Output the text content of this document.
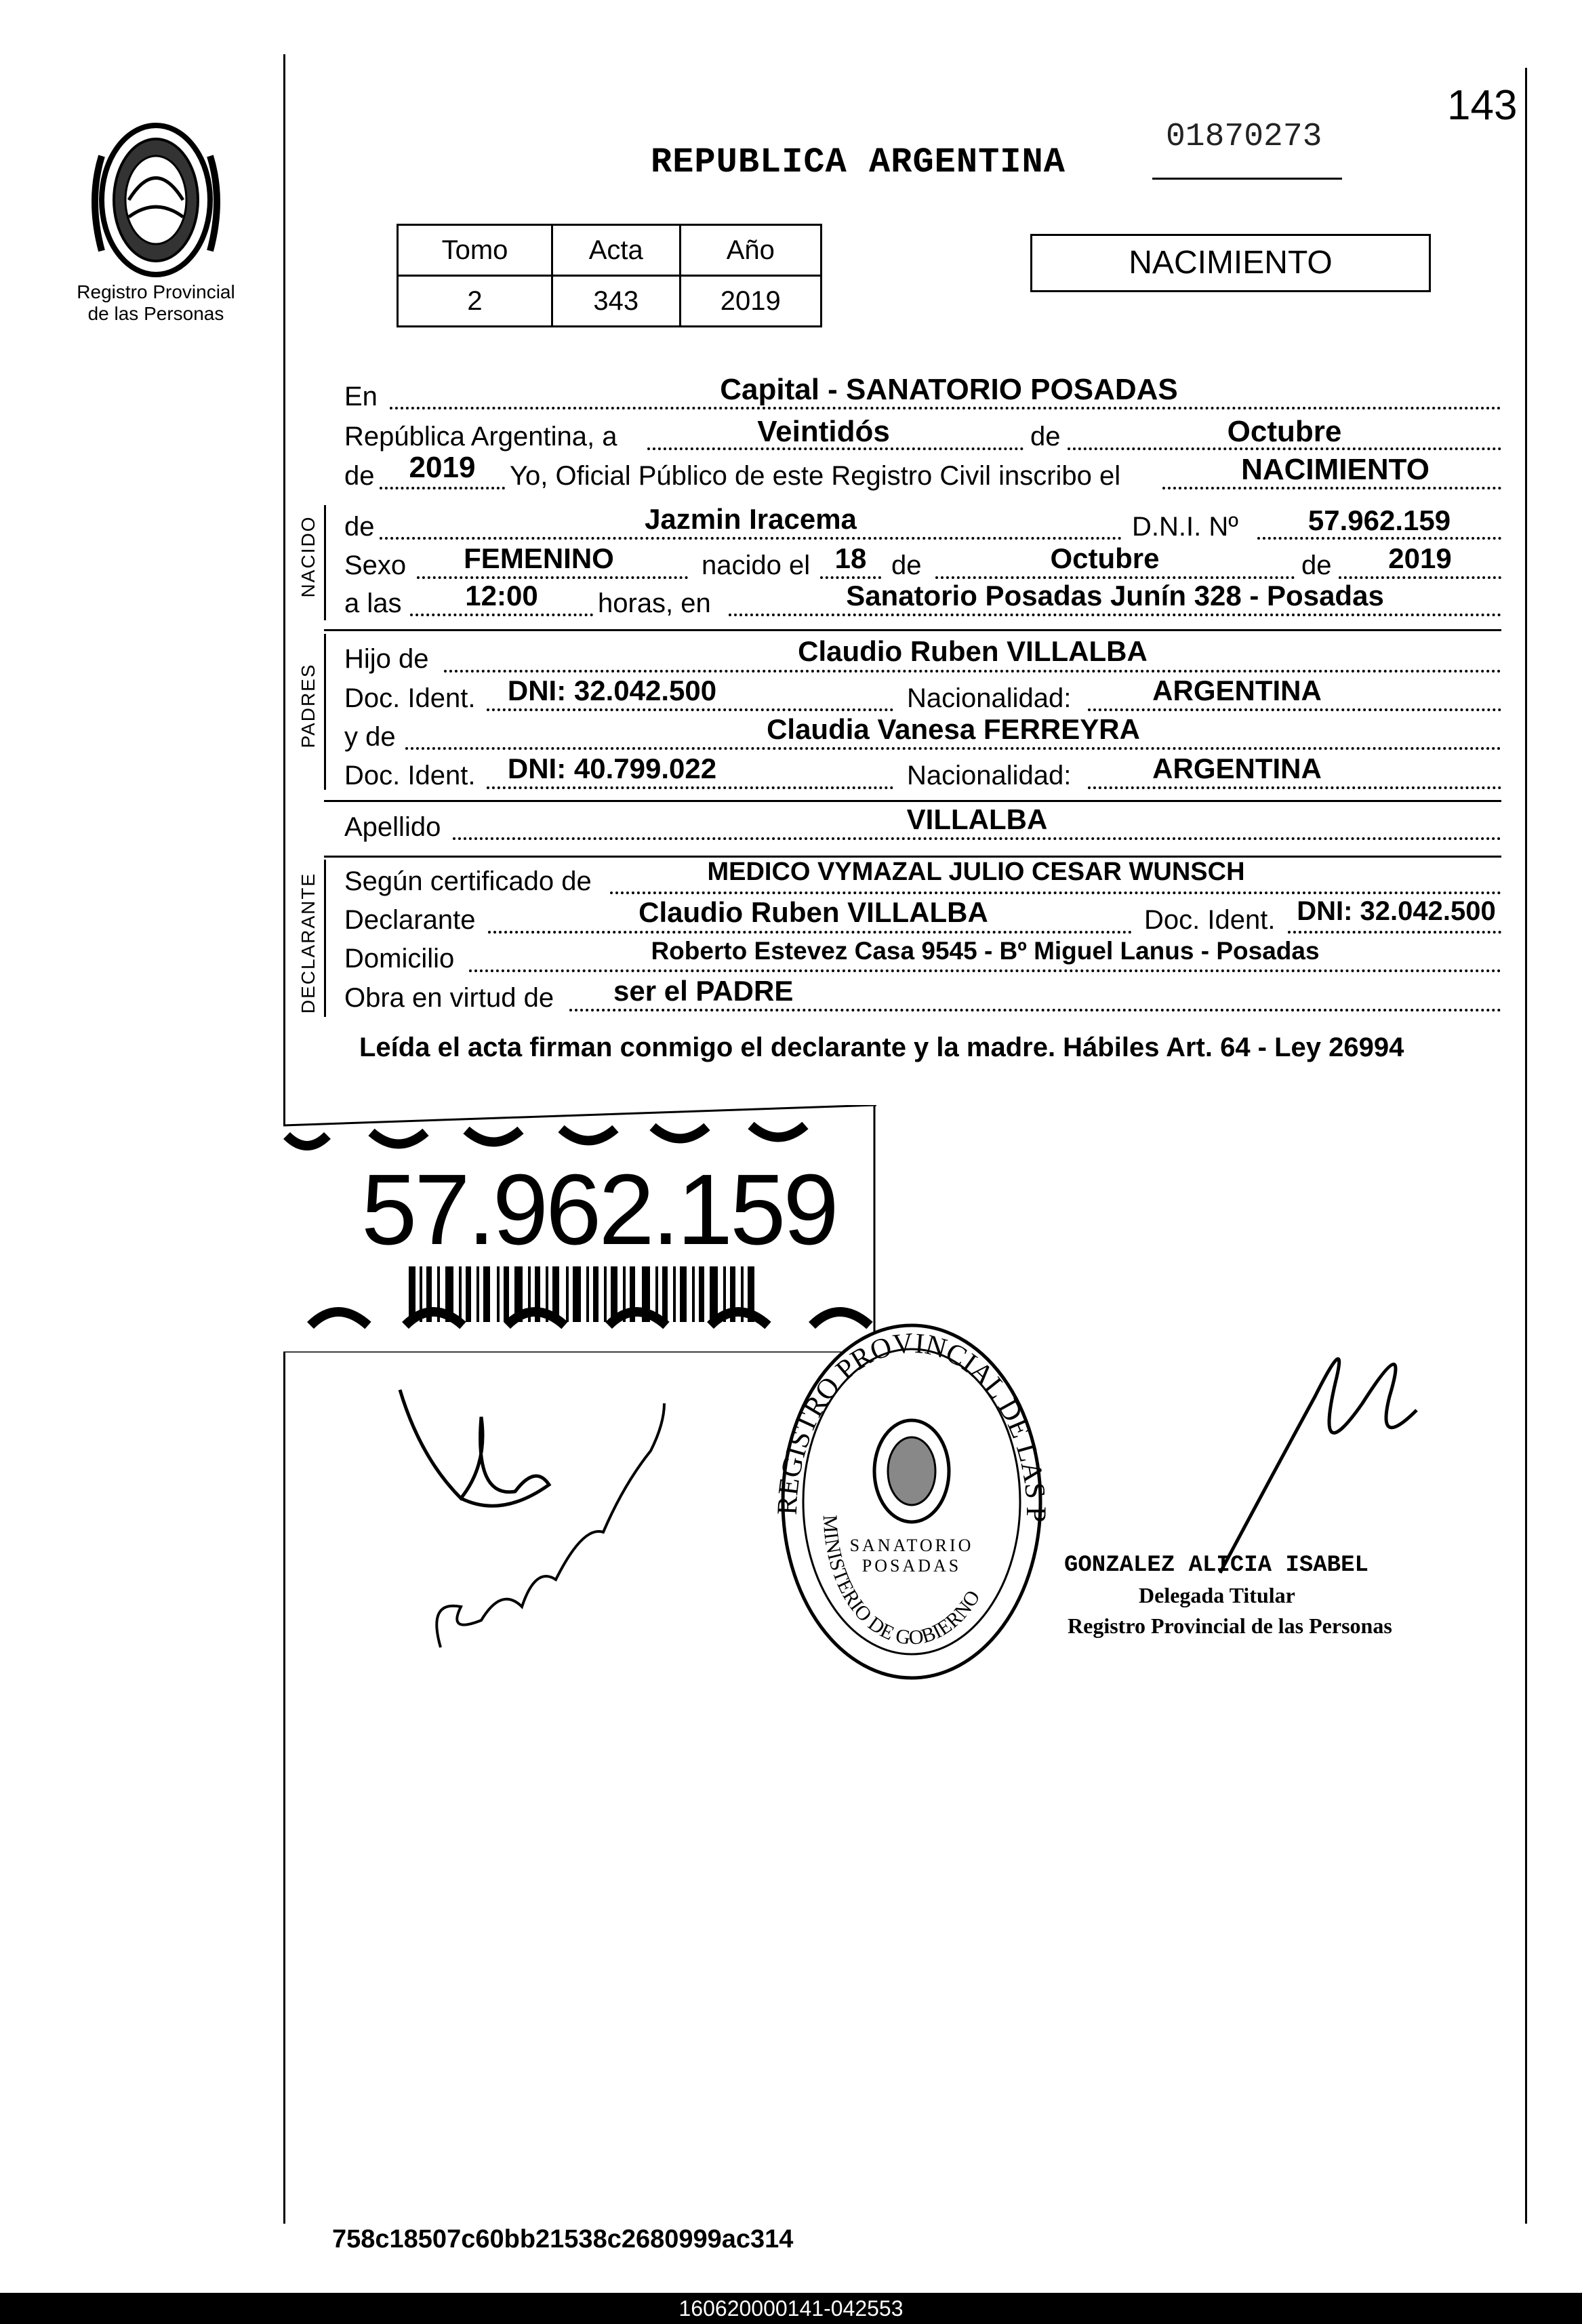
Registro Provincial
de las Personas
REPUBLICA ARGENTINA
01870273
143
Tomo	Acta	Año
2	343	2019
NACIMIENTO
En	Capital - SANATORIO POSADAS
República Argentina, a	Veintidós	de	Octubre
de	2019	Yo, Oficial Público de este Registro Civil inscribo el	NACIMIENTO
NACIDO de	Jazmin Iracema	D.N.I. Nº	57.962.159
Sexo	FEMENINO	nacido el 18 de	Octubre	de	2019
a las	12:00	horas, en	Sanatorio Posadas Junín 328 - Posadas
PADRES
Hijo de	Claudio Ruben VILLALBA
Doc. Ident.	DNI: 32.042.500	Nacionalidad:	ARGENTINA
y de	Claudia Vanesa FERREYRA
Doc. Ident.	DNI: 40.799.022	Nacionalidad:	ARGENTINA
Apellido	VILLALBA
DECLARANTE Según certificado de	MEDICO VYMAZAL JULIO CESAR WUNSCH
Declarante	Claudio Ruben VILLALBA	Doc. Ident. DNI: 32.042.500
Domicilio	Roberto Estevez Casa 9545 - Bº Miguel Lanus - Posadas
Obra en virtud de ser el PADRE
Leída el acta firman conmigo el declarante y la madre. Hábiles Art. 64 - Ley 26994
57.962.159
REGISTRO PROVINCIAL DE LAS P
MINISTERIO DE GOBIERNO
SANATORIO POSADAS	GONZALEZ ALICIA ISABEL
Delegada Titular
Registro Provincial de las Personas
758c18507c60bb21538c2680999ac314
160620000141-042553
